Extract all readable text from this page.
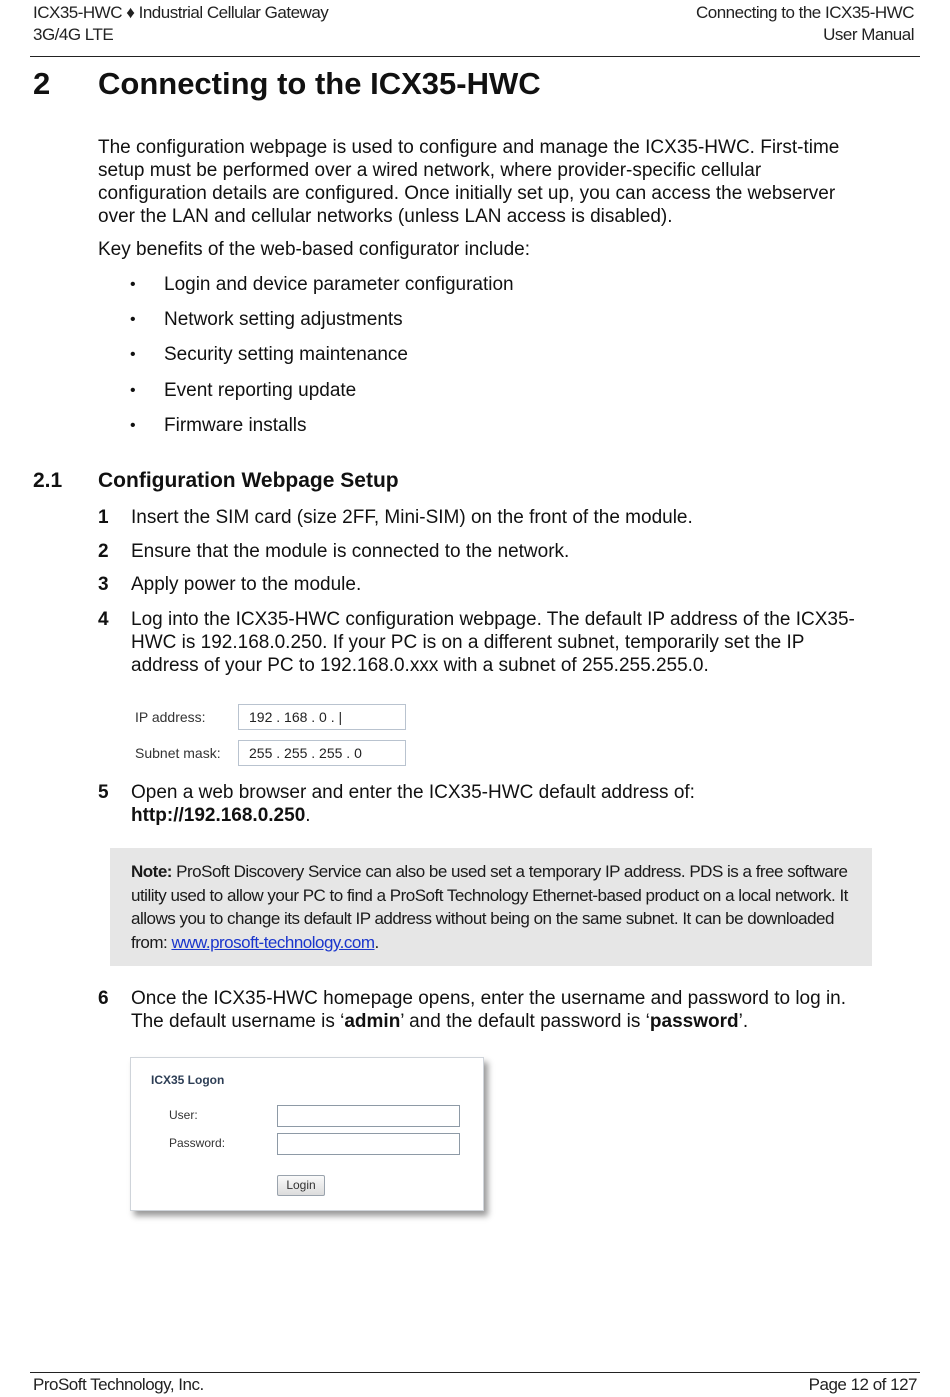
ICX35-HWC ♦ Industrial Cellular Gateway
3G/4G LTE
Connecting to the ICX35-HWC
User Manual
2 Connecting to the ICX35-HWC
The configuration webpage is used to configure and manage the ICX35-HWC. First-time setup must be performed over a wired network, where provider-specific cellular configuration details are configured. Once initially set up, you can access the webserver over the LAN and cellular networks (unless LAN access is disabled).
Key benefits of the web-based configurator include:
• Login and device parameter configuration
• Network setting adjustments
• Security setting maintenance
• Event reporting update
• Firmware installs
2.1 Configuration Webpage Setup
1 Insert the SIM card (size 2FF, Mini-SIM) on the front of the module.
2 Ensure that the module is connected to the network.
3 Apply power to the module.
4 Log into the ICX35-HWC configuration webpage. The default IP address of the ICX35-HWC is 192.168.0.250. If your PC is on a different subnet, temporarily set the IP address of your PC to 192.168.0.xxx with a subnet of 255.255.255.0.
IP address:	192 . 168 . 0 . |
Subnet mask:	255 . 255 . 255 . 0
5 Open a web browser and enter the ICX35-HWC default address of:
http://192.168.0.250.
Note: ProSoft Discovery Service can also be used set a temporary IP address. PDS is a free software utility used to allow your PC to find a ProSoft Technology Ethernet-based product on a local network. It allows you to change its default IP address without being on the same subnet. It can be downloaded from: www.prosoft-technology.com.
6 Once the ICX35-HWC homepage opens, enter the username and password to log in. The default username is ‘admin’ and the default password is ‘password’.
ICX35 Logon
User:
Password:
Login
ProSoft Technology, Inc.	Page 12 of 127
